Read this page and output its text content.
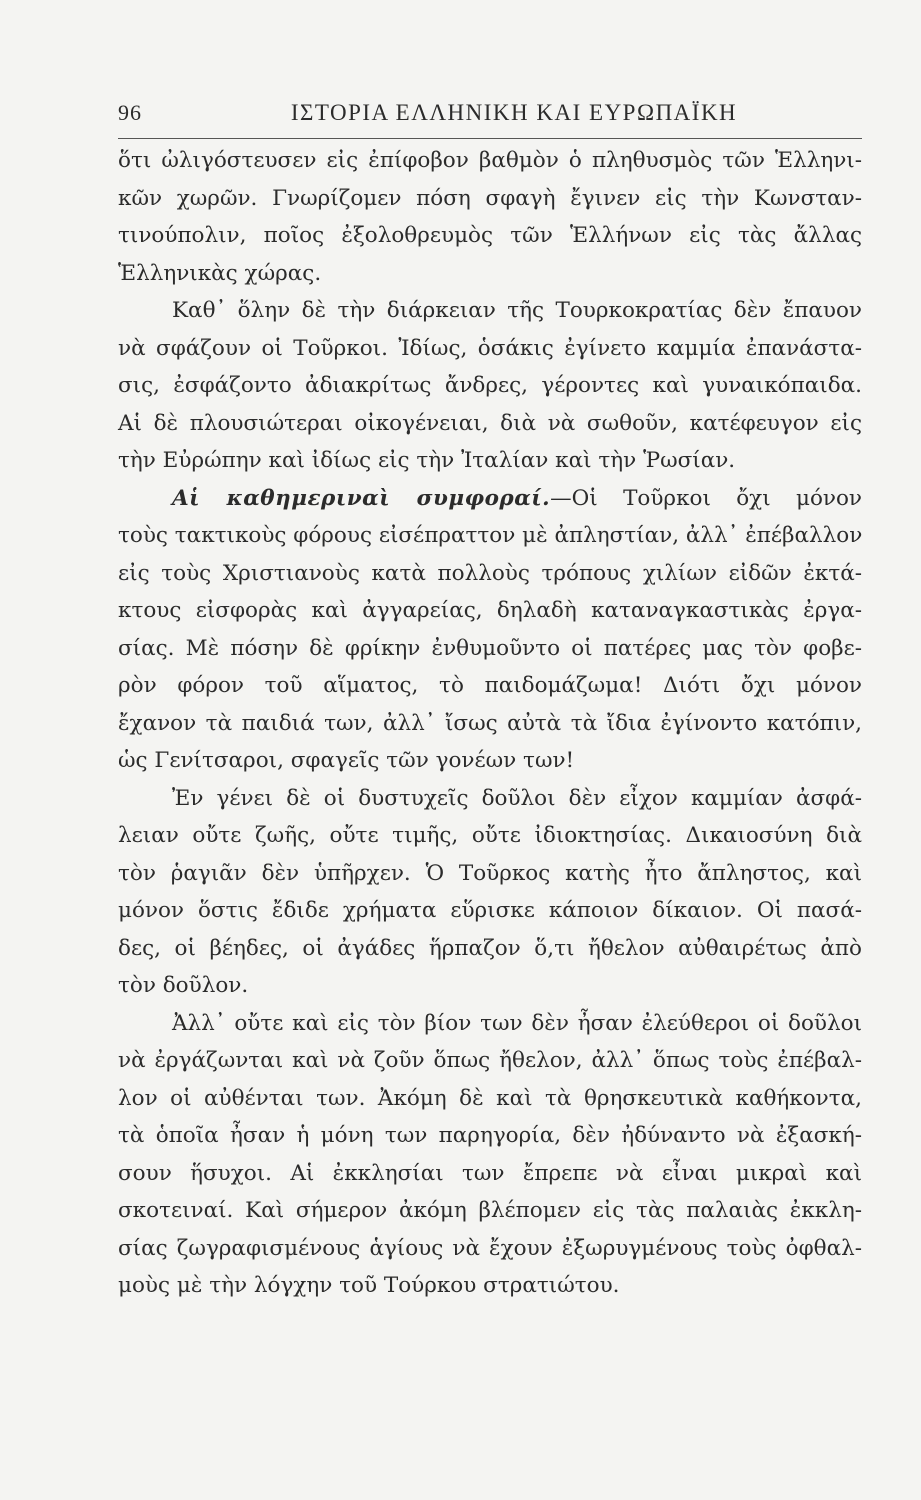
96	ΙΣΤΟΡΙΑ ΕΛΛΗΝΙΚΗ ΚΑΙ ΕΥΡΩΠΑΪΚΗ
ὅτι ὠλιγόστευσεν εἰς ἐπίφοβον βαθμὸν ὁ πληθυσμὸς τῶν Ἑλληνι-
κῶν χωρῶν. Γνωρίζομεν πόση σφαγὴ ἔγινεν εἰς τὴν Κωνσταν-
τινούπολιν, ποῖος ἐξολοθρευμὸς τῶν Ἑλλήνων εἰς τὰς ἄλλας
Ἑλληνικὰς χώρας.
Καθ᾽ ὅλην δὲ τὴν διάρκειαν τῆς Τουρκοκρατίας δὲν ἔπαυον
νὰ σφάζουν οἱ Τοῦρκοι. Ἰδίως, ὁσάκις ἐγίνετο καμμία ἐπανάστα-
σις, ἐσφάζοντο ἀδιακρίτως ἄνδρες, γέροντες καὶ γυναικόπαιδα.
Αἱ δὲ πλουσιώτεραι οἰκογένειαι, διὰ νὰ σωθοῦν, κατέφευγον εἰς
τὴν Εὐρώπην καὶ ἰδίως εἰς τὴν Ἰταλίαν καὶ τὴν Ῥωσίαν.
Αἱ καθημεριναὶ συμφοραί.—Οἱ Τοῦρκοι ὄχι μόνον
τοὺς τακτικοὺς φόρους εἰσέπραττον μὲ ἀπληστίαν, ἀλλ᾽ ἐπέβαλλον
εἰς τοὺς Χριστιανοὺς κατὰ πολλοὺς τρόπους χιλίων εἰδῶν ἐκτά-
κτους εἰσφορὰς καὶ ἀγγαρείας, δηλαδὴ καταναγκαστικὰς ἐργα-
σίας. Μὲ πόσην δὲ φρίκην ἐνθυμοῦντο οἱ πατέρες μας τὸν φοβε-
ρὸν φόρον τοῦ αἵματος, τὸ παιδομάζωμα! Διότι ὄχι μόνον
ἔχανον τὰ παιδιά των, ἀλλ᾽ ἴσως αὐτὰ τὰ ἴδια ἐγίνοντο κατόπιν,
ὡς Γενίτσαροι, σφαγεῖς τῶν γονέων των!
Ἐν γένει δὲ οἱ δυστυχεῖς δοῦλοι δὲν εἶχον καμμίαν ἀσφά-
λειαν οὔτε ζωῆς, οὔτε τιμῆς, οὔτε ἰδιοκτησίας. Δικαιοσύνη διὰ
τὸν ῥαγιᾶν δὲν ὑπῆρχεν. Ὁ Τοῦρκος κατὴς ἦτο ἄπληστος, καὶ
μόνον ὅστις ἔδιδε χρήματα εὕρισκε κάποιον δίκαιον. Οἱ πασά-
δες, οἱ βέηδες, οἱ ἀγάδες ἥρπαζον ὅ,τι ἤθελον αὐθαιρέτως ἀπὸ
τὸν δοῦλον.
Ἀλλ᾽ οὔτε καὶ εἰς τὸν βίον των δὲν ἦσαν ἐλεύθεροι οἱ δοῦλοι
νὰ ἐργάζωνται καὶ νὰ ζοῦν ὅπως ἤθελον, ἀλλ᾽ ὅπως τοὺς ἐπέβαλ-
λον οἱ αὐθένται των. Ἀκόμη δὲ καὶ τὰ θρησκευτικὰ καθήκοντα,
τὰ ὁποῖα ἦσαν ἡ μόνη των παρηγορία, δὲν ἠδύναντο νὰ ἐξασκή-
σουν ἥσυχοι. Αἱ ἐκκλησίαι των ἔπρεπε νὰ εἶναι μικραὶ καὶ
σκοτειναί. Καὶ σήμερον ἀκόμη βλέπομεν εἰς τὰς παλαιὰς ἐκκλη-
σίας ζωγραφισμένους ἁγίους νὰ ἔχουν ἐξωρυγμένους τοὺς ὀφθαλ-
μοὺς μὲ τὴν λόγχην τοῦ Τούρκου στρατιώτου.
